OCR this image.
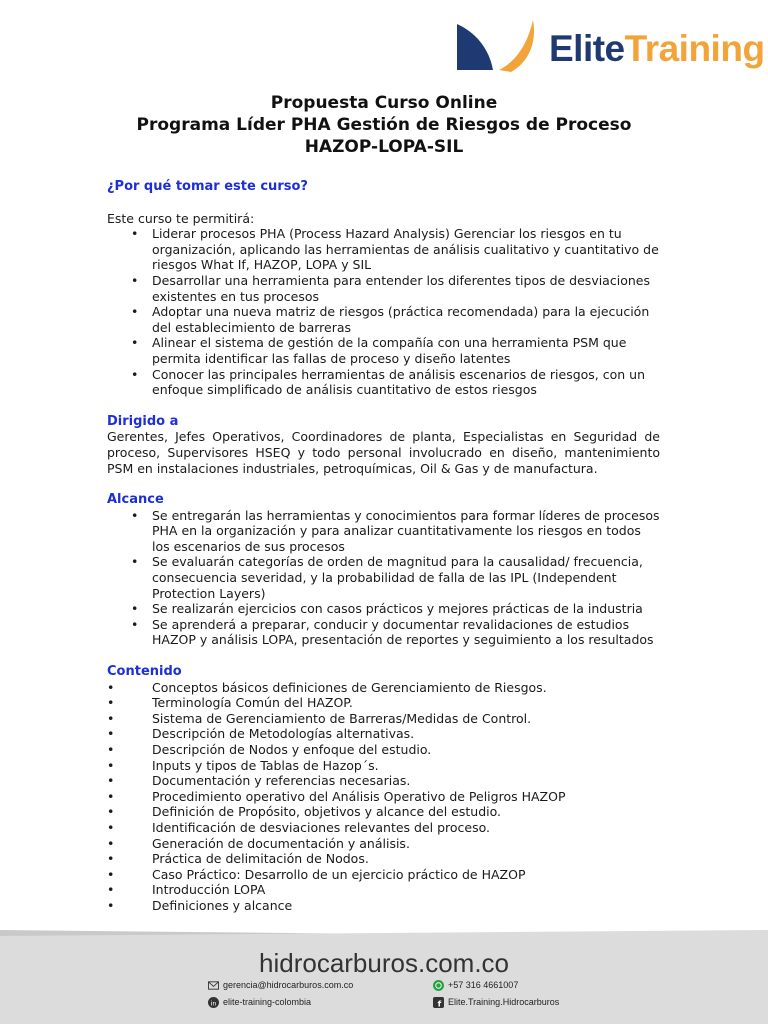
EliteTraining
Propuesta Curso Online
Programa Líder PHA Gestión de Riesgos de Proceso
HAZOP-LOPA-SIL

¿Por qué tomar este curso?

Este curso te permitirá:

• Liderar procesos PHA (Process Hazard Analysis) Gerenciar los riesgos en tu organización, aplicando las herramientas de análisis cualitativo y cuantitativo de riesgos What If, HAZOP, LOPA y SIL
• Desarrollar una herramienta para entender los diferentes tipos de desviaciones existentes en tus procesos
• Adoptar una nueva matriz de riesgos (práctica recomendada) para la ejecución del establecimiento de barreras
• Alinear el sistema de gestión de la compañía con una herramienta PSM que permita identificar las fallas de proceso y diseño latentes
• Conocer las principales herramientas de análisis escenarios de riesgos, con un enfoque simplificado de análisis cuantitativo de estos riesgos

Dirigido a

Gerentes, Jefes Operativos, Coordinadores de planta, Especialistas en Seguridad de proceso, Supervisores HSEQ y todo personal involucrado en diseño, mantenimiento PSM en instalaciones industriales, petroquímicas, Oil & Gas y de manufactura.

Alcance

• Se entregarán las herramientas y conocimientos para formar líderes de procesos PHA en la organización y para analizar cuantitativamente los riesgos en todos los escenarios de sus procesos
• Se evaluarán categorías de orden de magnitud para la causalidad/ frecuencia, consecuencia severidad, y la probabilidad de falla de las IPL (Independent Protection Layers)
• Se realizarán ejercicios con casos prácticos y mejores prácticas de la industria
• Se aprenderá a preparar, conducir y documentar revalidaciones de estudios HAZOP y análisis LOPA, presentación de reportes y seguimiento a los resultados

Contenido

•	Conceptos básicos definiciones de Gerenciamiento de Riesgos.
•	Terminología Común del HAZOP.
•	Sistema de Gerenciamiento de Barreras/Medidas de Control.
•	Descripción de Metodologías alternativas.
•	Descripción de Nodos y enfoque del estudio.
•	Inputs y tipos de Tablas de Hazop´s.
•	Documentación y referencias necesarias.
•	Procedimiento operativo del Análisis Operativo de Peligros HAZOP
•	Definición de Propósito, objetivos y alcance del estudio.
•	Identificación de desviaciones relevantes del proceso.
•	Generación de documentación y análisis.
•	Práctica de delimitación de Nodos.
•	Caso Práctico: Desarrollo de un ejercicio práctico de HAZOP
•	Introducción LOPA
•	Definiciones y alcance
hidrocarburos.com.co
gerencia@hidrocarburos.com.co
in elite-training-colombia
+57 316 4661007
f Elite.Training.Hidrocarburos
